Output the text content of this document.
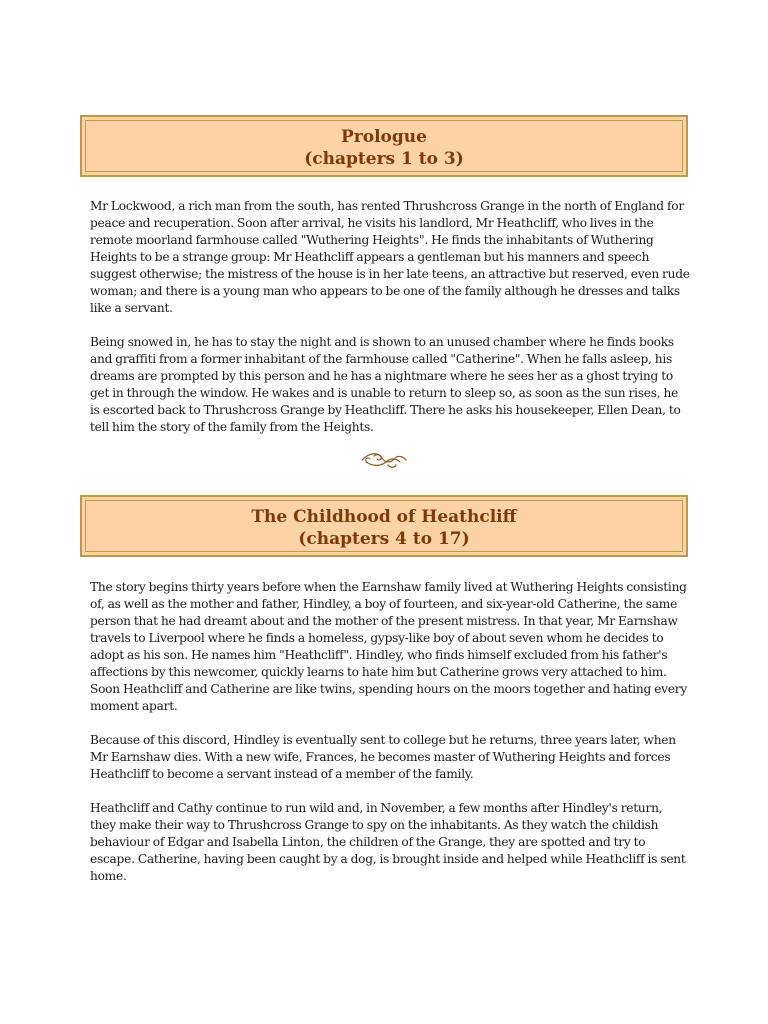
Prologue
(chapters 1 to 3)

Mr Lockwood, a rich man from the south, has rented Thrushcross Grange in the north of England for peace and recuperation. Soon after arrival, he visits his landlord, Mr Heathcliff, who lives in the remote moorland farmhouse called "Wuthering Heights". He finds the inhabitants of Wuthering Heights to be a strange group: Mr Heathcliff appears a gentleman but his manners and speech suggest otherwise; the mistress of the house is in her late teens, an attractive but reserved, even rude woman; and there is a young man who appears to be one of the family although he dresses and talks like a servant.

Being snowed in, he has to stay the night and is shown to an unused chamber where he finds books and graffiti from a former inhabitant of the farmhouse called "Catherine". When he falls asleep, his dreams are prompted by this person and he has a nightmare where he sees her as a ghost trying to get in through the window. He wakes and is unable to return to sleep so, as soon as the sun rises, he is escorted back to Thrushcross Grange by Heathcliff. There he asks his housekeeper, Ellen Dean, to tell him the story of the family from the Heights.

The Childhood of Heathcliff
(chapters 4 to 17)

The story begins thirty years before when the Earnshaw family lived at Wuthering Heights consisting of, as well as the mother and father, Hindley, a boy of fourteen, and six-year-old Catherine, the same person that he had dreamt about and the mother of the present mistress. In that year, Mr Earnshaw travels to Liverpool where he finds a homeless, gypsy-like boy of about seven whom he decides to adopt as his son. He names him "Heathcliff". Hindley, who finds himself excluded from his father's affections by this newcomer, quickly learns to hate him but Catherine grows very attached to him. Soon Heathcliff and Catherine are like twins, spending hours on the moors together and hating every moment apart.

Because of this discord, Hindley is eventually sent to college but he returns, three years later, when Mr Earnshaw dies. With a new wife, Frances, he becomes master of Wuthering Heights and forces Heathcliff to become a servant instead of a member of the family.

Heathcliff and Cathy continue to run wild and, in November, a few months after Hindley's return, they make their way to Thrushcross Grange to spy on the inhabitants. As they watch the childish behaviour of Edgar and Isabella Linton, the children of the Grange, they are spotted and try to escape. Catherine, having been caught by a dog, is brought inside and helped while Heathcliff is sent home.
